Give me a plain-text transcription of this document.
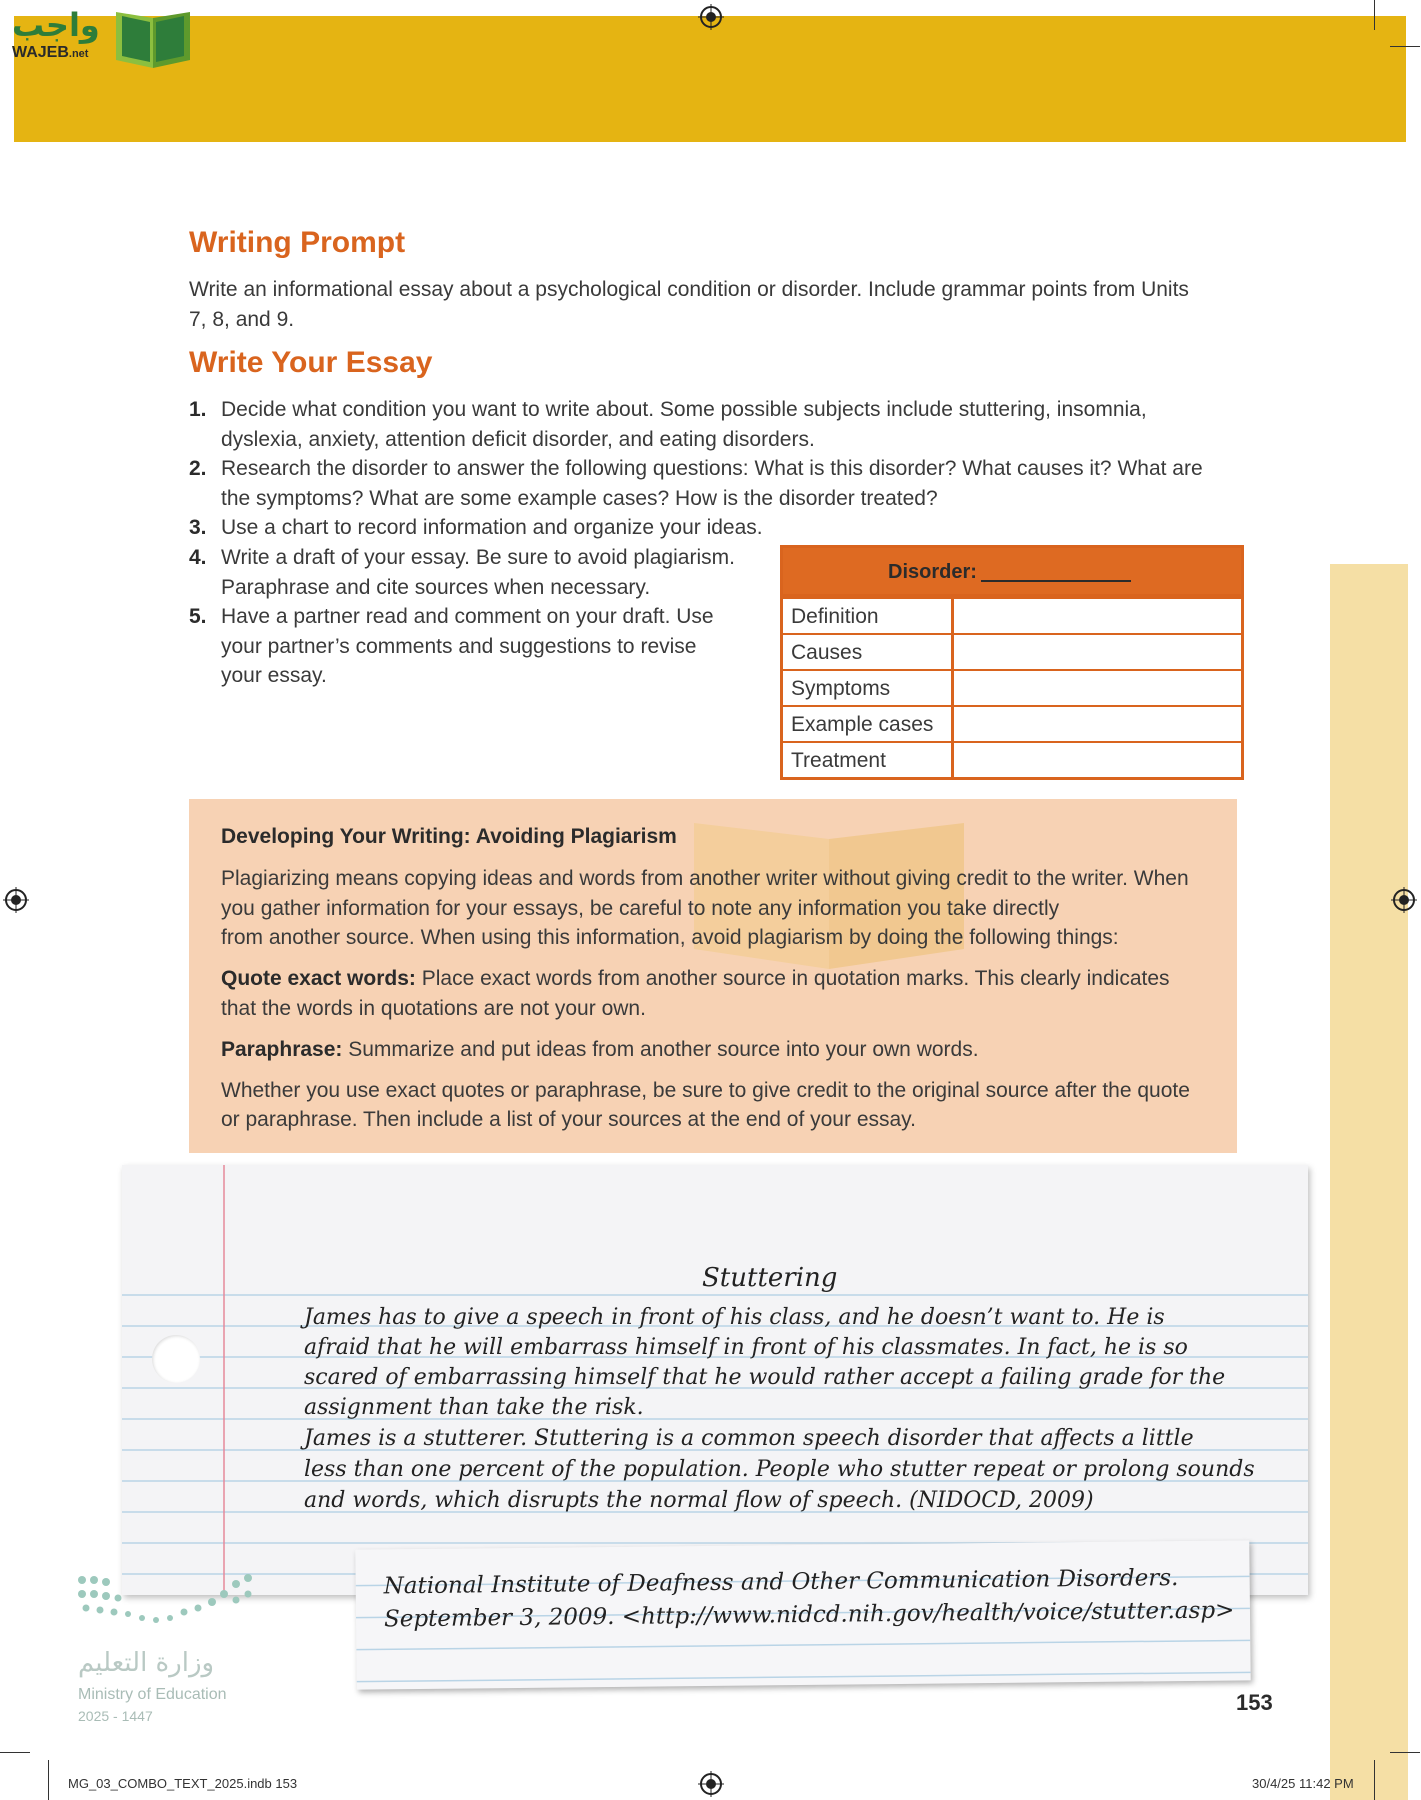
واجب
WAJEB.net
Writing Prompt

Write an informational essay about a psychological condition or disorder. Include grammar points from Units

7, 8, and 9.

Write Your Essay
1. Decide what condition you want to write about. Some possible subjects include stuttering, insomnia, dyslexia, anxiety, attention deficit disorder, and eating disorders.
2. Research the disorder to answer the following questions: What is this disorder? What causes it? What are the symptoms? What are some example cases? How is the disorder treated?
3. Use a chart to record information and organize your ideas.
4. Write a draft of your essay. Be sure to avoid plagiarism. Paraphrase and cite sources when necessary.
5. Have a partner read and comment on your draft. Use your partner’s comments and suggestions to revise your essay.
Disorder:
Definition
Causes
Symptoms
Example cases
Treatment
Developing Your Writing: Avoiding Plagiarism

Plagiarizing means copying ideas and words from another writer without giving credit to the writer. When

you gather information for your essays, be careful to note any information you take directly

from another source. When using this information, avoid plagiarism by doing the following things:

Quote exact words: Place exact words from another source in quotation marks. This clearly indicates

that the words in quotations are not your own.

Paraphrase: Summarize and put ideas from another source into your own words.

Whether you use exact quotes or paraphrase, be sure to give credit to the original source after the quote

or paraphrase. Then include a list of your sources at the end of your essay.

Stuttering
James has to give a speech in front of his class, and he doesn’t want to. He is
afraid that he will embarrass himself in front of his classmates. In fact, he is so
scared of embarrassing himself that he would rather accept a failing grade for the
assignment than take the risk.
James is a stutterer. Stuttering is a common speech disorder that affects a little
less than one percent of the population. People who stutter repeat or prolong sounds
and words, which disrupts the normal flow of speech. (NIDOCD, 2009)
National Institute of Deafness and Other Communication Disorders.
September 3, 2009. <http://www.nidcd.nih.gov/health/voice/stutter.asp>
وزارة التعليم
Ministry of Education
2025 - 1447
153
MG_03_COMBO_TEXT_2025.indb 153	30/4/25 11:42 PM
